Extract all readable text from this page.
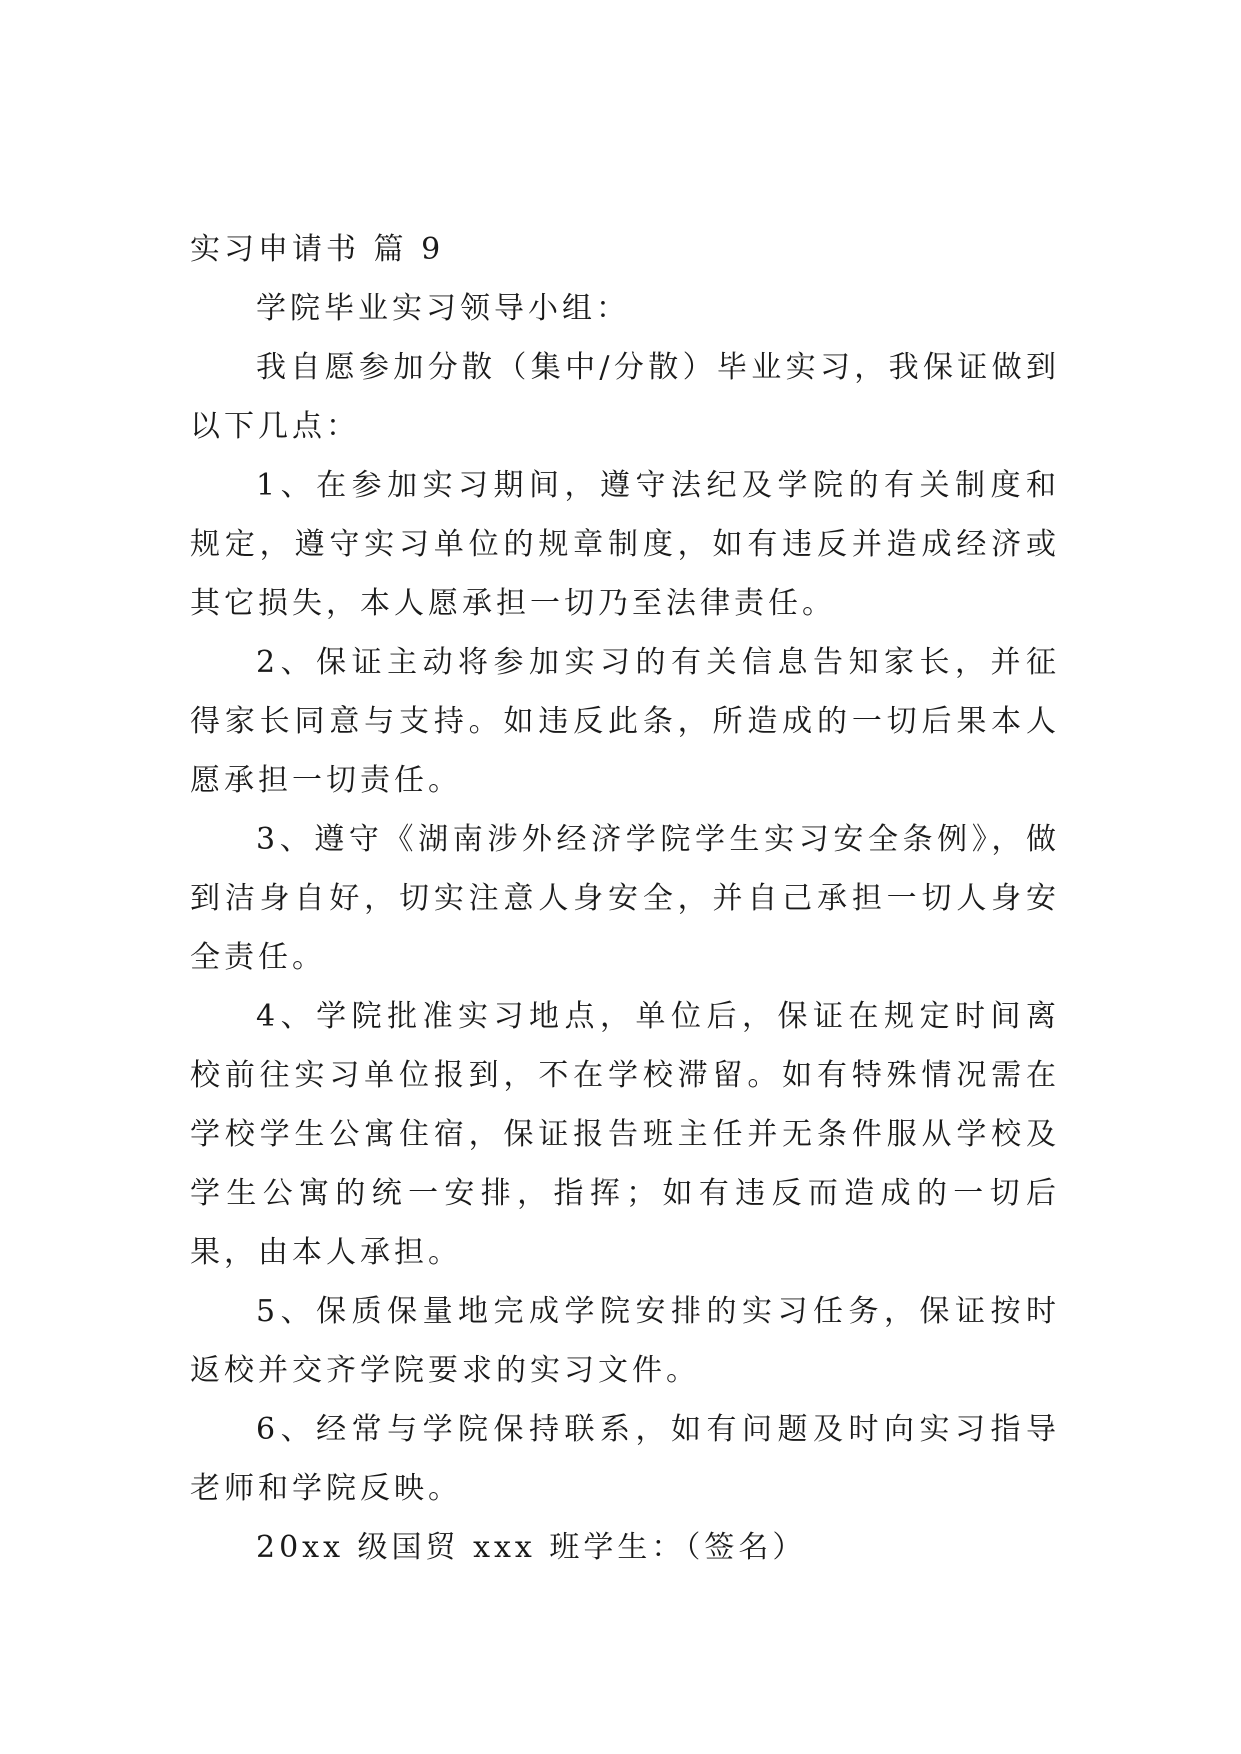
实习申请书 篇 9

学院毕业实习领导小组：

我自愿参加分散（集中/分散）毕业实习，我保证做到以下几点：

1、在参加实习期间，遵守法纪及学院的有关制度和规定，遵守实习单位的规章制度，如有违反并造成经济或其它损失，本人愿承担一切乃至法律责任。

2、保证主动将参加实习的有关信息告知家长，并征得家长同意与支持。如违反此条，所造成的一切后果本人愿承担一切责任。

3、遵守《湖南涉外经济学院学生实习安全条例》，做到洁身自好，切实注意人身安全，并自己承担一切人身安全责任。

4、学院批准实习地点，单位后，保证在规定时间离校前往实习单位报到，不在学校滞留。如有特殊情况需在学校学生公寓住宿，保证报告班主任并无条件服从学校及学生公寓的统一安排，指挥；如有违反而造成的一切后果，由本人承担。

5、保质保量地完成学院安排的实习任务，保证按时返校并交齐学院要求的实习文件。

6、经常与学院保持联系，如有问题及时向实习指导老师和学院反映。

20xx 级国贸 xxx 班学生：（签名）
